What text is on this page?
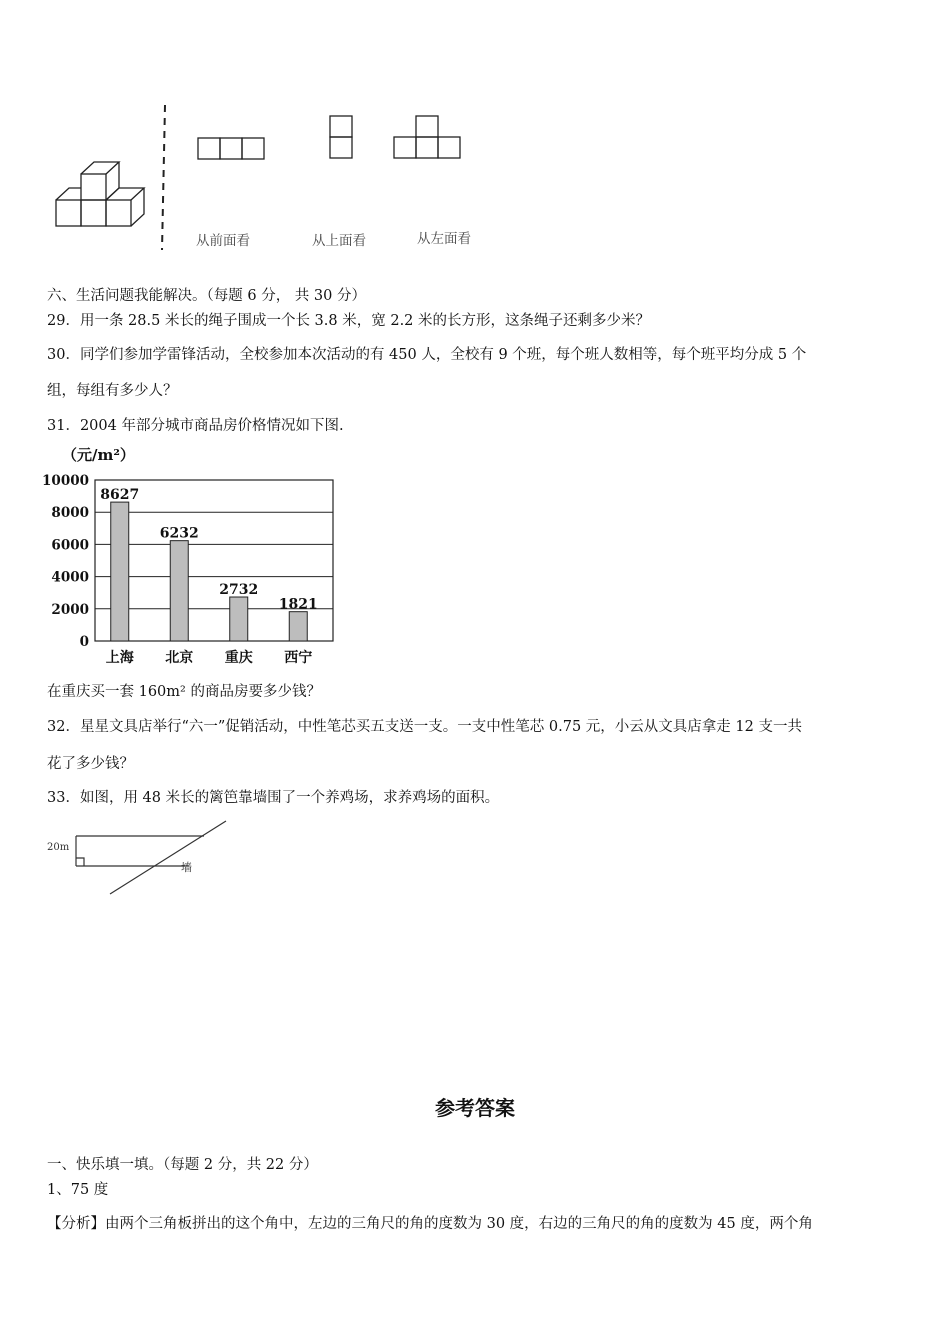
从前面看	从上面看	从左面看
六、生活问题我能解决。（每题 6 分， 共 30 分）
29．用一条 28.5 米长的绳子围成一个长 3.8 米，宽 2.2 米的长方形，这条绳子还剩多少米？
30．同学们参加学雷锋活动，全校参加本次活动的有 450 人，全校有 9 个班，每个班人数相等，每个班平均分成 5 个
组，每组有多少人？
31．2004 年部分城市商品房价格情况如下图.
（元/m²）
0
2000
4000
6000
8000
10000
8627
上海
6232
北京
2732
重庆
1821
西宁
在重庆买一套 160m² 的商品房要多少钱？
32．星星文具店举行“六一”促销活动，中性笔芯买五支送一支。一支中性笔芯 0.75 元，小云从文具店拿走 12 支一共
花了多少钱？
33．如图，用 48 米长的篱笆靠墙围了一个养鸡场，求养鸡场的面积。
20m
墙
参考答案
一、快乐填一填。（每题 2 分，共 22 分）
1、75 度
【分析】由两个三角板拼出的这个角中，左边的三角尺的角的度数为 30 度，右边的三角尺的角的度数为 45 度，两个角
